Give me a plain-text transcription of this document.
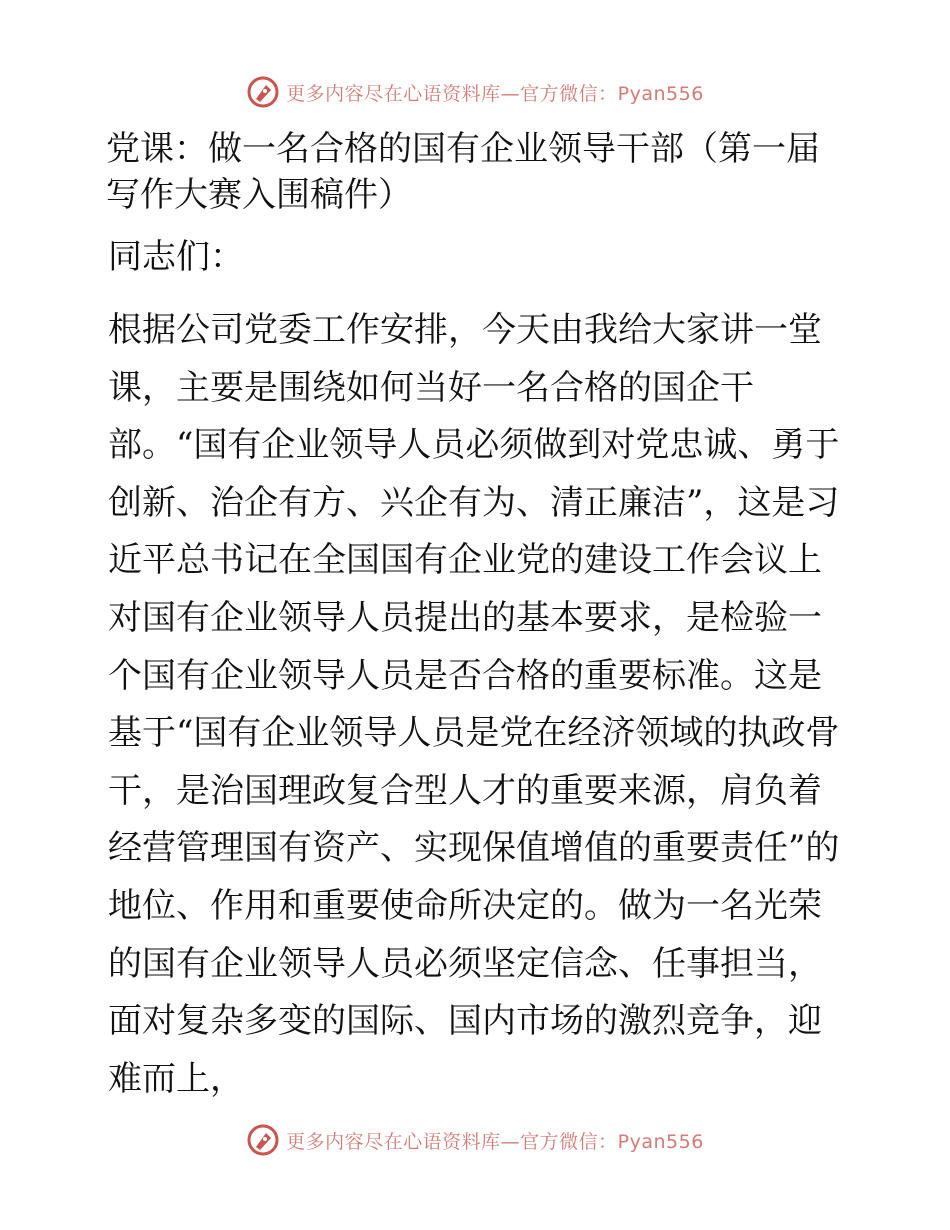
更多内容尽在心语资料库—官方微信：Pyan556
党课：做一名合格的国有企业领导干部（第一届写作大赛入围稿件）

同志们：

根据公司党委工作安排，今天由我给大家讲一堂课，主要是围绕如何当好一名合格的国企干部。“国有企业领导人员必须做到对党忠诚、勇于创新、治企有方、兴企有为、清正廉洁”，这是习近平总书记在全国国有企业党的建设工作会议上对国有企业领导人员提出的基本要求，是检验一个国有企业领导人员是否合格的重要标准。这是基于“国有企业领导人员是党在经济领域的执政骨干，是治国理政复合型人才的重要来源，肩负着经营管理国有资产、实现保值增值的重要责任”的地位、作用和重要使命所决定的。做为一名光荣的国有企业领导人员必须坚定信念、任事担当，面对复杂多变的国际、国内市场的激烈竞争，迎难而上，

更多内容尽在心语资料库—官方微信：Pyan556
